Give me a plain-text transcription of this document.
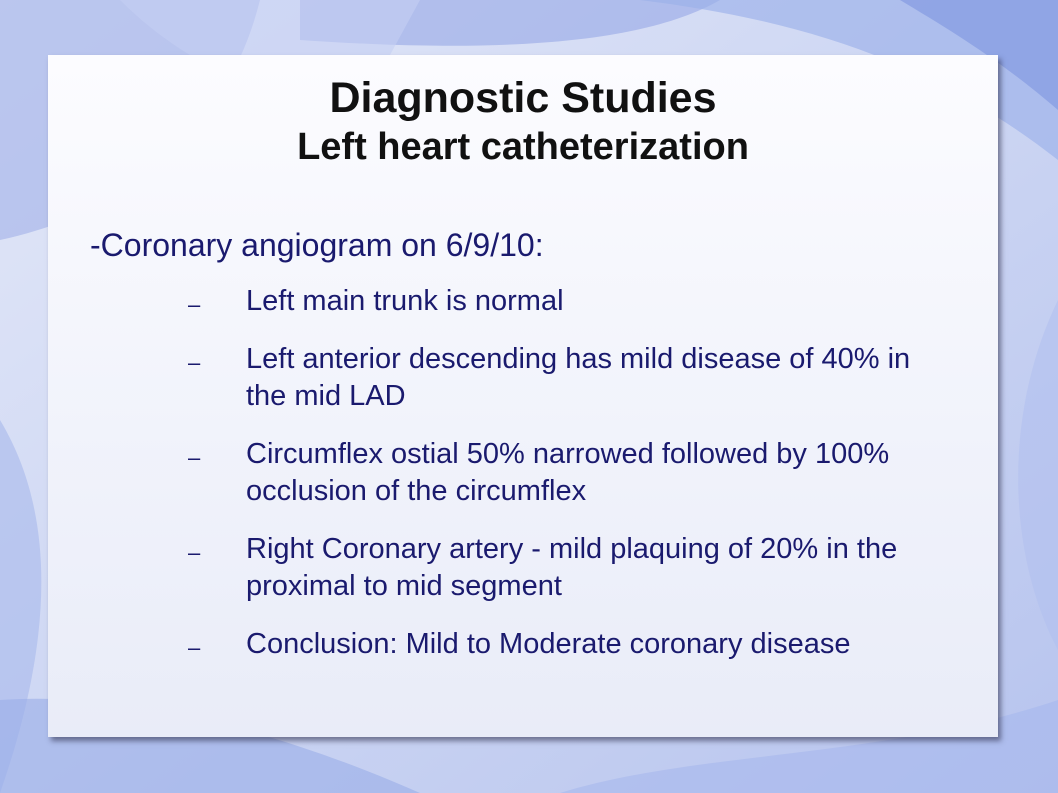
Diagnostic Studies
Left heart catheterization
-Coronary angiogram on 6/9/10:
– Left main trunk is normal
– Left anterior descending has mild disease of 40% in the mid LAD
– Circumflex ostial 50% narrowed followed by 100% occlusion of the circumflex
– Right Coronary artery - mild plaquing of 20% in the proximal to mid segment
– Conclusion: Mild to Moderate coronary disease
